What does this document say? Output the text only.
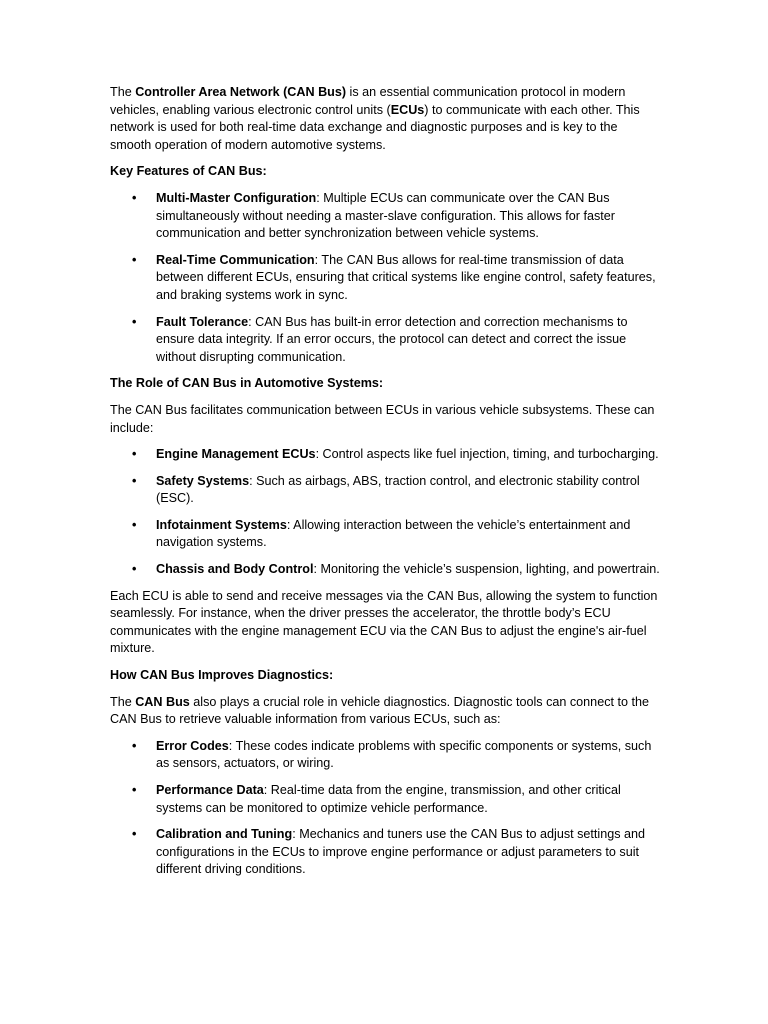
The Controller Area Network (CAN Bus) is an essential communication protocol in modern vehicles, enabling various electronic control units (ECUs) to communicate with each other. This network is used for both real-time data exchange and diagnostic purposes and is key to the smooth operation of modern automotive systems.

Key Features of CAN Bus:
• Multi-Master Configuration: Multiple ECUs can communicate over the CAN Bus simultaneously without needing a master-slave configuration. This allows for faster communication and better synchronization between vehicle systems.
• Real-Time Communication: The CAN Bus allows for real-time transmission of data between different ECUs, ensuring that critical systems like engine control, safety features, and braking systems work in sync.
• Fault Tolerance: CAN Bus has built-in error detection and correction mechanisms to ensure data integrity. If an error occurs, the protocol can detect and correct the issue without disrupting communication.
The Role of CAN Bus in Automotive Systems:

The CAN Bus facilitates communication between ECUs in various vehicle subsystems. These can include:

• Engine Management ECUs: Control aspects like fuel injection, timing, and turbocharging.
• Safety Systems: Such as airbags, ABS, traction control, and electronic stability control (ESC).
• Infotainment Systems: Allowing interaction between the vehicle’s entertainment and navigation systems.
• Chassis and Body Control: Monitoring the vehicle’s suspension, lighting, and powertrain.

Each ECU is able to send and receive messages via the CAN Bus, allowing the system to function seamlessly. For instance, when the driver presses the accelerator, the throttle body’s ECU communicates with the engine management ECU via the CAN Bus to adjust the engine's air-fuel mixture.

How CAN Bus Improves Diagnostics:

The CAN Bus also plays a crucial role in vehicle diagnostics. Diagnostic tools can connect to the CAN Bus to retrieve valuable information from various ECUs, such as:

• Error Codes: These codes indicate problems with specific components or systems, such as sensors, actuators, or wiring.
• Performance Data: Real-time data from the engine, transmission, and other critical systems can be monitored to optimize vehicle performance.
• Calibration and Tuning: Mechanics and tuners use the CAN Bus to adjust settings and configurations in the ECUs to improve engine performance or adjust parameters to suit different driving conditions.
